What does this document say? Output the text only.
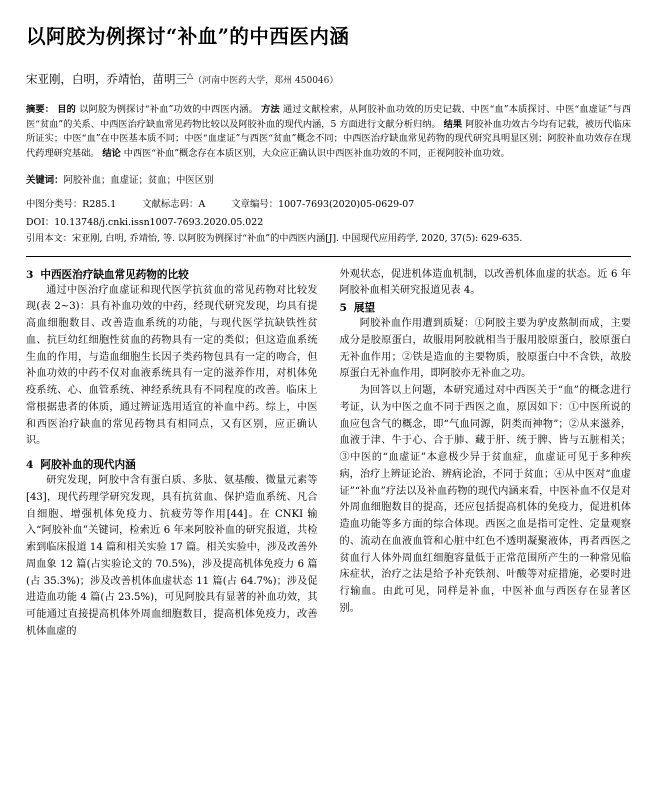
以阿胶为例探讨“补血”的中西医内涵
宋亚刚，白明，乔靖怡，苗明三△（河南中医药大学，郑州 450046）
摘要： 目的 以阿胶为例探讨“补血”功效的中西医内涵。 方法 通过文献检索，从阿胶补血功效的历史记载、中医“血”本质探讨、中医“血虚证”与西医“贫血”的关系、中西医治疗缺血常见药物比较以及阿胶补血的现代内涵，5 方面进行文献分析归纳。 结果 阿胶补血功效古今均有记载，被历代临床所证实；中医“血”在中医基本质不同；中医“血虚证”与西医“贫血”概念不同；中西医治疗缺血常见药物的现代研究具明显区别；阿胶补血功效存在现代药理研究基础。 结论 中西医“补血”概念存在本质区别，大众应正确认识中西医补血功效的不同，正视阿胶补血功效。
关键词：阿胶补血；血虚证；贫血；中医区别
中图分类号：R285.1	文献标志码：A	文章编号：1007-7693(2020)05-0629-07
DOI：10.13748/j.cnki.issn1007-7693.2020.05.022
引用本文：宋亚刚, 白明, 乔靖怡, 等. 以阿胶为例探讨“补血”的中西医内涵[J]. 中国现代应用药学, 2020, 37(5): 629-635.
3 中西医治疗缺血常见药物的比较

通过中医治疗血虚证和现代医学抗贫血的常见药物对比较发现(表 2~3)：具有补血功效的中药，经现代研究发现，均具有提高血细胞数目、改善造血系统的功能，与现代医学抗缺铁性贫血、抗巨幼红细胞性贫血的药物具有一定的类似；但这造血系统生血的作用，与造血细胞生长因子类药物包具有一定的吻合，但补血功效的中药不仅对血液系统具有一定的滋养作用，对机体免疫系统、心、血管系统、神经系统具有不同程度的改善。临床上常根据患者的体质，通过辨证选用适宜的补血中药。综上，中医和西医治疗缺血的常见药物具有相同点，又有区别，应正确认识。

4 阿胶补血的现代内涵

研究发现，阿胶中含有蛋白质、多肽、氨基酸、微量元素等[43]，现代药理学研究发现，具有抗贫血、保护造血系统、凡合自细胞、增强机体免疫力、抗疲劳等作用[44]。在 CNKI 输入“阿胶补血”关键词，检索近 6 年来阿胶补血的研究报道，共检索到临床报道 14 篇和相关实验 17 篇。相关实验中，涉及改善外周血象 12 篇(占实验论文的 70.5%)，涉及提高机体免疫力 6 篇(占 35.3%)；涉及改善机体血虚状态 11 篇(占 64.7%)；涉及促进造血功能 4 篇(占 23.5%)，可见阿胶具有显著的补血功效，其可能通过直接提高机体外周血细胞数目，提高机体免疫力，改善机体血虚的

外观状态，促进机体造血机制，以改善机体血虚的状态。近 6 年阿胶补血相关研究报道见表 4。

5 展望

阿胶补血作用遭到质疑：①阿胶主要为驴皮熬制而成，主要成分是胶原蛋白，故服用阿胶就相当于服用胶原蛋白，胶原蛋白无补血作用；②铁是造血的主要物质，胶原蛋白中不含铁，故胶原蛋白无补血作用，即阿胶亦无补血之功。

为回答以上问题，本研究通过对中西医关于“血”的概念进行考证，认为中医之血不同于西医之血，原因如下：①中医所说的血应包含气的概念，即“气血同源，阴类而神物”；②从来滋养，血液于津、牛于心、合于肺、藏于肝、统于脾、皆与五脏相关；③中医的“血虚证”本意极少异于贫血症，血虚证可见于多种疾病，治疗上辨证论治、辨病论治，不同于贫血；④从中医对“血虚证”“补血”疗法以及补血药物的现代内涵来看，中医补血不仅是对外周血细胞数目的提高，还应包括提高机体的免疫力，促进机体造血功能等多方面的综合体现。西医之血是指可定性、定量观察的、流动在血液血管和心脏中红色不透明凝聚液体，再者西医之贫血行人体外周血红细胞容量低于正常范围所产生的一种常见临床症状，治疗之法是给予补充铁剂、叶酸等对症措施，必要时进行输血。由此可见，同样是补血，中医补血与西医存在显著区别。
